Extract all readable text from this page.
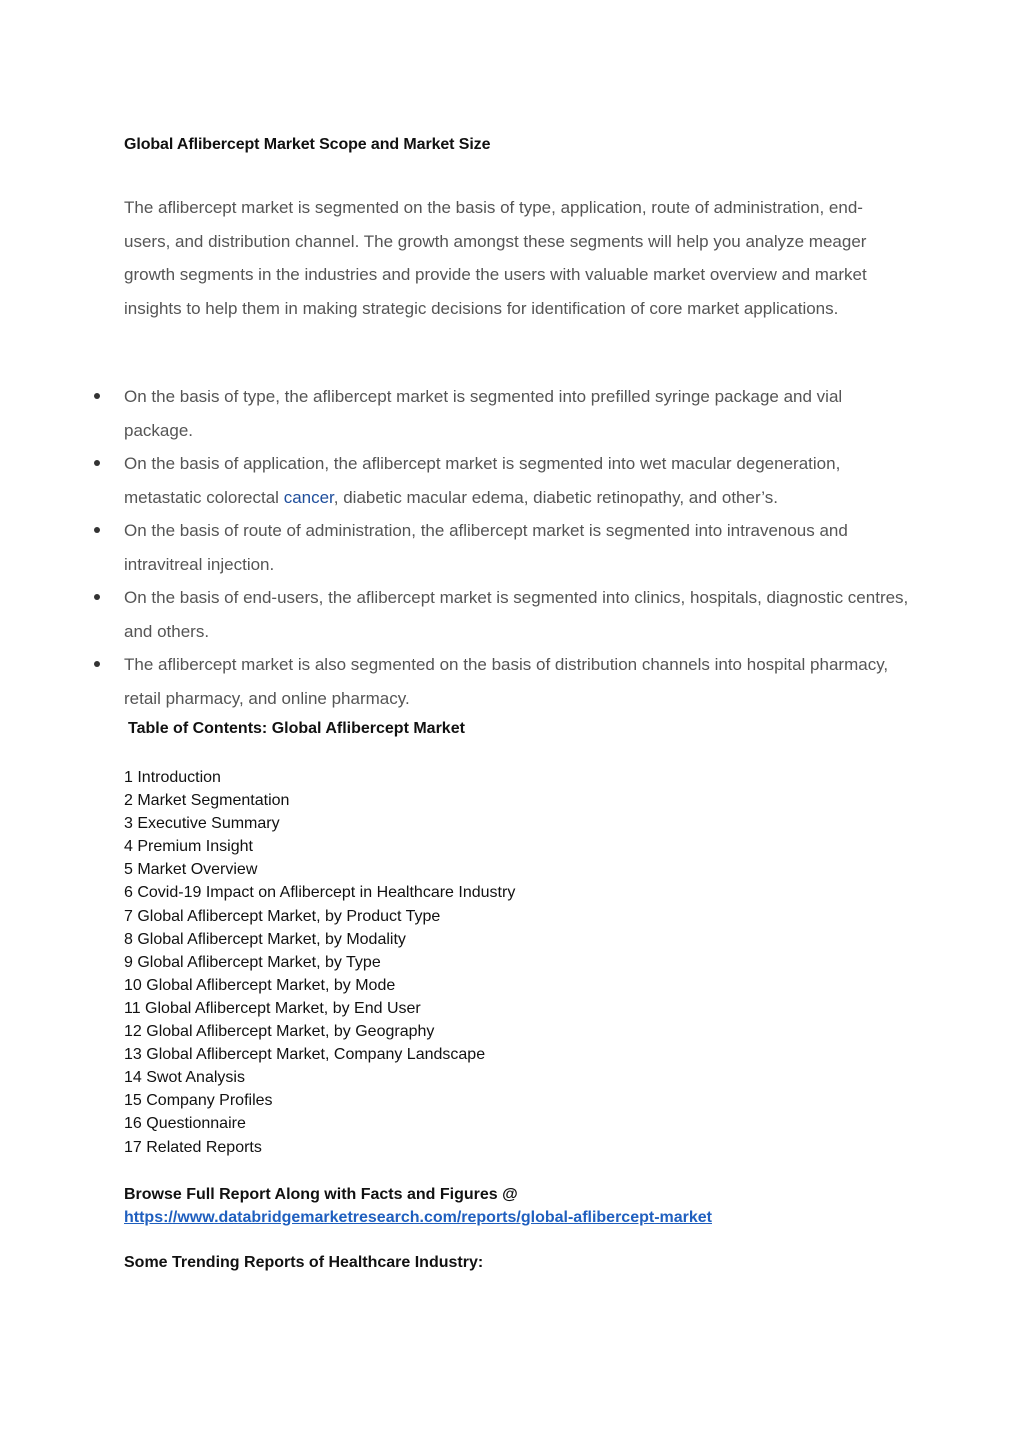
Global Aflibercept Market Scope and Market Size

The aflibercept market is segmented on the basis of type, application, route of administration, end-users, and distribution channel. The growth amongst these segments will help you analyze meager growth segments in the industries and provide the users with valuable market overview and market insights to help them in making strategic decisions for identification of core market applications.

On the basis of type, the aflibercept market is segmented into prefilled syringe package and vial package.
On the basis of application, the aflibercept market is segmented into wet macular degeneration, metastatic colorectal cancer, diabetic macular edema, diabetic retinopathy, and other’s.
On the basis of route of administration, the aflibercept market is segmented into intravenous and intravitreal injection.
On the basis of end-users, the aflibercept market is segmented into clinics, hospitals, diagnostic centres, and others.
The aflibercept market is also segmented on the basis of distribution channels into hospital pharmacy, retail pharmacy, and online pharmacy.
Table of Contents: Global Aflibercept Market
1 Introduction
2 Market Segmentation
3 Executive Summary
4 Premium Insight
5 Market Overview
6 Covid-19 Impact on Aflibercept in Healthcare Industry
7 Global Aflibercept Market, by Product Type
8 Global Aflibercept Market, by Modality
9 Global Aflibercept Market, by Type
10 Global Aflibercept Market, by Mode
11 Global Aflibercept Market, by End User
12 Global Aflibercept Market, by Geography
13 Global Aflibercept Market, Company Landscape
14 Swot Analysis
15 Company Profiles
16 Questionnaire
17 Related Reports
Browse Full Report Along with Facts and Figures @
https://www.databridgemarketresearch.com/reports/global-aflibercept-market
Some Trending Reports of Healthcare Industry:
